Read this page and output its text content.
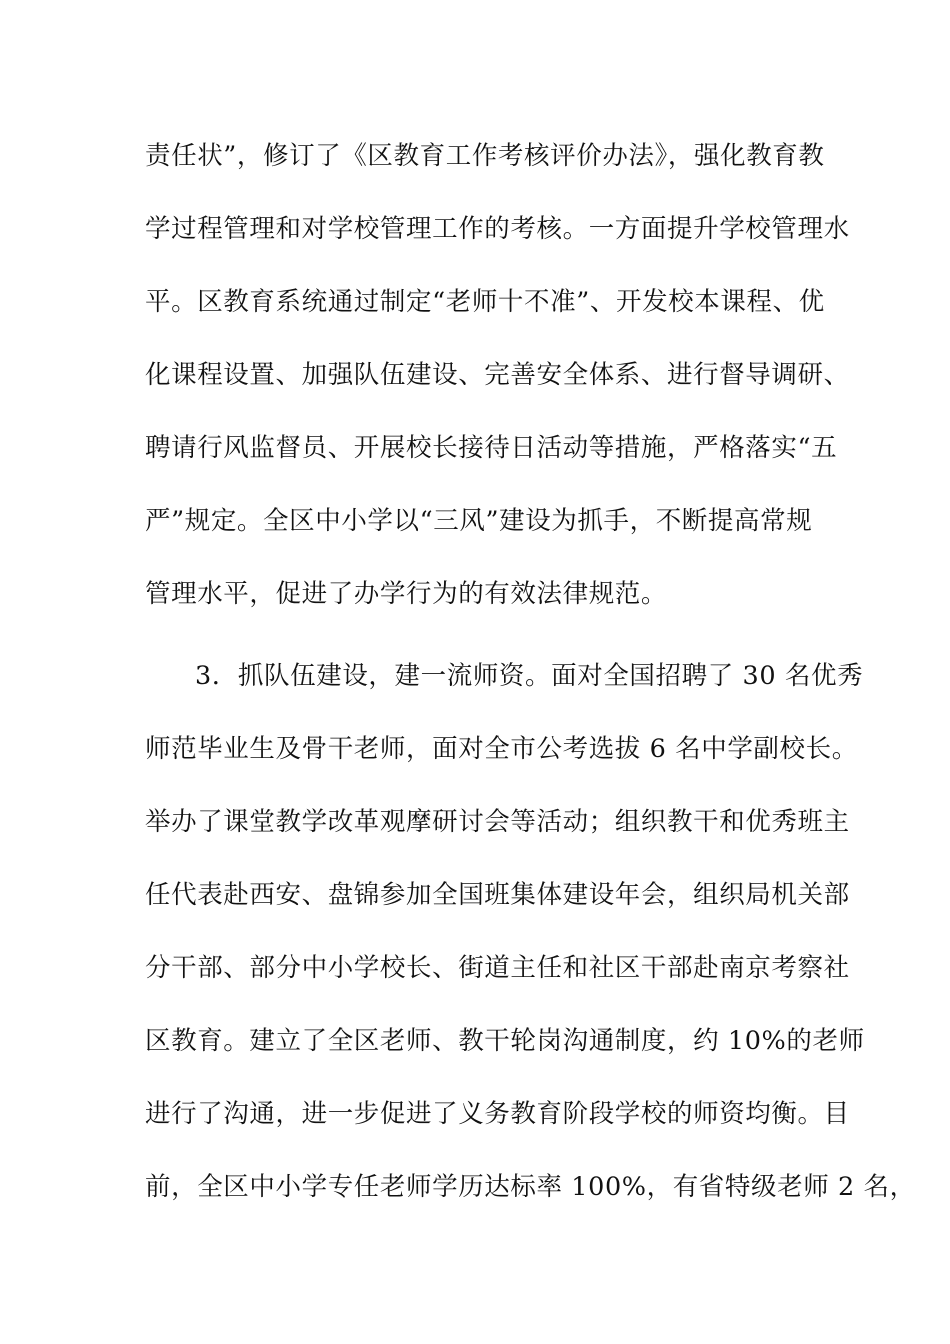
责任状”，修订了《区教育工作考核评价办法》，强化教育教
学过程管理和对学校管理工作的考核。一方面提升学校管理水
平。区教育系统通过制定“老师十不准”、开发校本课程、优
化课程设置、加强队伍建设、完善安全体系、进行督导调研、
聘请行风监督员、开展校长接待日活动等措施，严格落实“五
严”规定。全区中小学以“三风”建设为抓手，不断提高常规
管理水平，促进了办学行为的有效法律规范。
3．抓队伍建设，建一流师资。面对全国招聘了 30 名优秀
师范毕业生及骨干老师，面对全市公考选拔 6 名中学副校长。
举办了课堂教学改革观摩研讨会等活动；组织教干和优秀班主
任代表赴西安、盘锦参加全国班集体建设年会，组织局机关部
分干部、部分中小学校长、街道主任和社区干部赴南京考察社
区教育。建立了全区老师、教干轮岗沟通制度，约 10%的老师
进行了沟通，进一步促进了义务教育阶段学校的师资均衡。目
前，全区中小学专任老师学历达标率 100%，有省特级老师 2 名，
